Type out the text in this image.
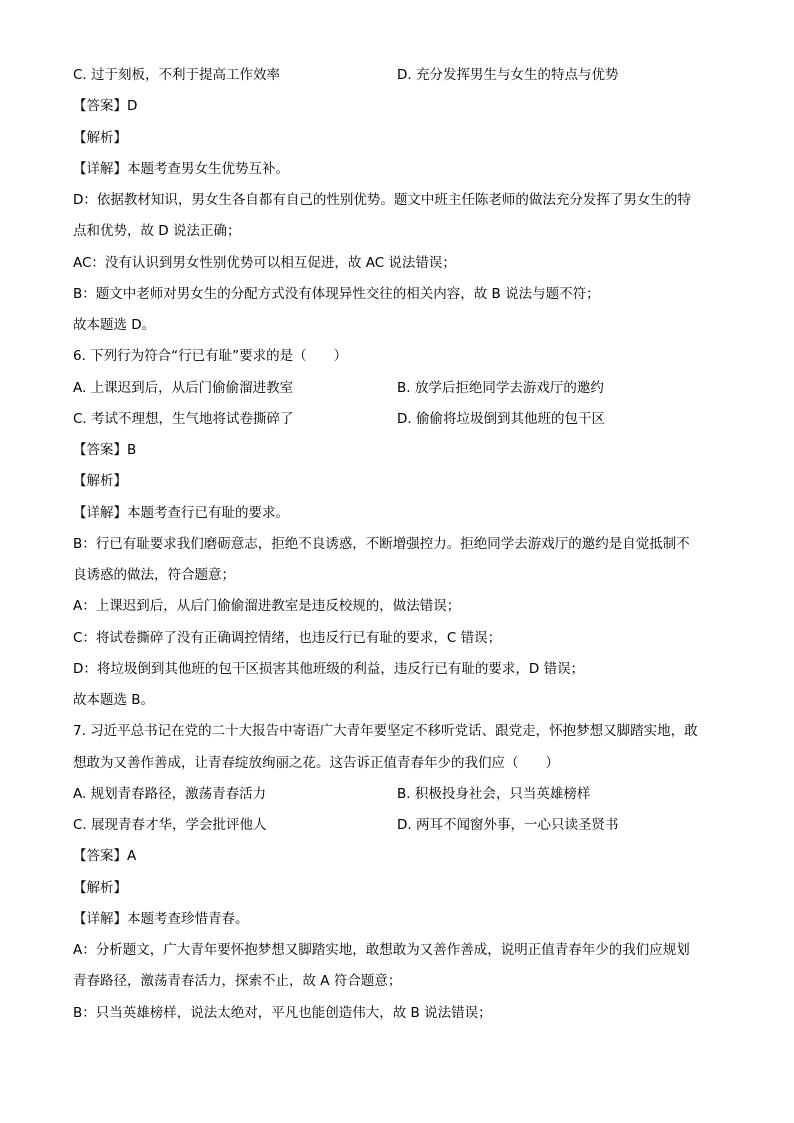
C. 过于刻板，不利于提高工作效率	D. 充分发挥男生与女生的特点与优势
【答案】D
【解析】
【详解】本题考查男女生优势互补。
D：依据教材知识，男女生各自都有自己的性别优势。题文中班主任陈老师的做法充分发挥了男女生的特
点和优势，故 D 说法正确；
AC：没有认识到男女性别优势可以相互促进，故 AC 说法错误；
B：题文中老师对男女生的分配方式没有体现异性交往的相关内容，故 B 说法与题不符；
故本题选 D。
6. 下列行为符合“行已有耻”要求的是（　　）
A. 上课迟到后，从后门偷偷溜进教室	B. 放学后拒绝同学去游戏厅的邀约
C. 考试不理想，生气地将试卷撕碎了	D. 偷偷将垃圾倒到其他班的包干区
【答案】B
【解析】
【详解】本题考查行已有耻的要求。
B：行已有耻要求我们磨砺意志，拒绝不良诱惑，不断增强控力。拒绝同学去游戏厅的邀约是自觉抵制不
良诱惑的做法，符合题意；
A：上课迟到后，从后门偷偷溜进教室是违反校规的，做法错误；
C：将试卷撕碎了没有正确调控情绪，也违反行已有耻的要求，C 错误；
D：将垃圾倒到其他班的包干区损害其他班级的利益，违反行已有耻的要求，D 错误；
故本题选 B。
7. 习近平总书记在党的二十大报告中寄语广大青年要坚定不移听党话、跟党走，怀抱梦想又脚踏实地，敢
想敢为又善作善成，让青春绽放绚丽之花。这告诉正值青春年少的我们应（　　）
A. 规划青春路径，激荡青春活力	B. 积极投身社会，只当英雄榜样
C. 展现青春才华，学会批评他人	D. 两耳不闻窗外事，一心只读圣贤书
【答案】A
【解析】
【详解】本题考查珍惜青春。
A：分析题文，广大青年要怀抱梦想又脚踏实地，敢想敢为又善作善成，说明正值青春年少的我们应规划
青春路径，激荡青春活力，探索不止，故 A 符合题意；
B：只当英雄榜样，说法太绝对，平凡也能创造伟大，故 B 说法错误；
